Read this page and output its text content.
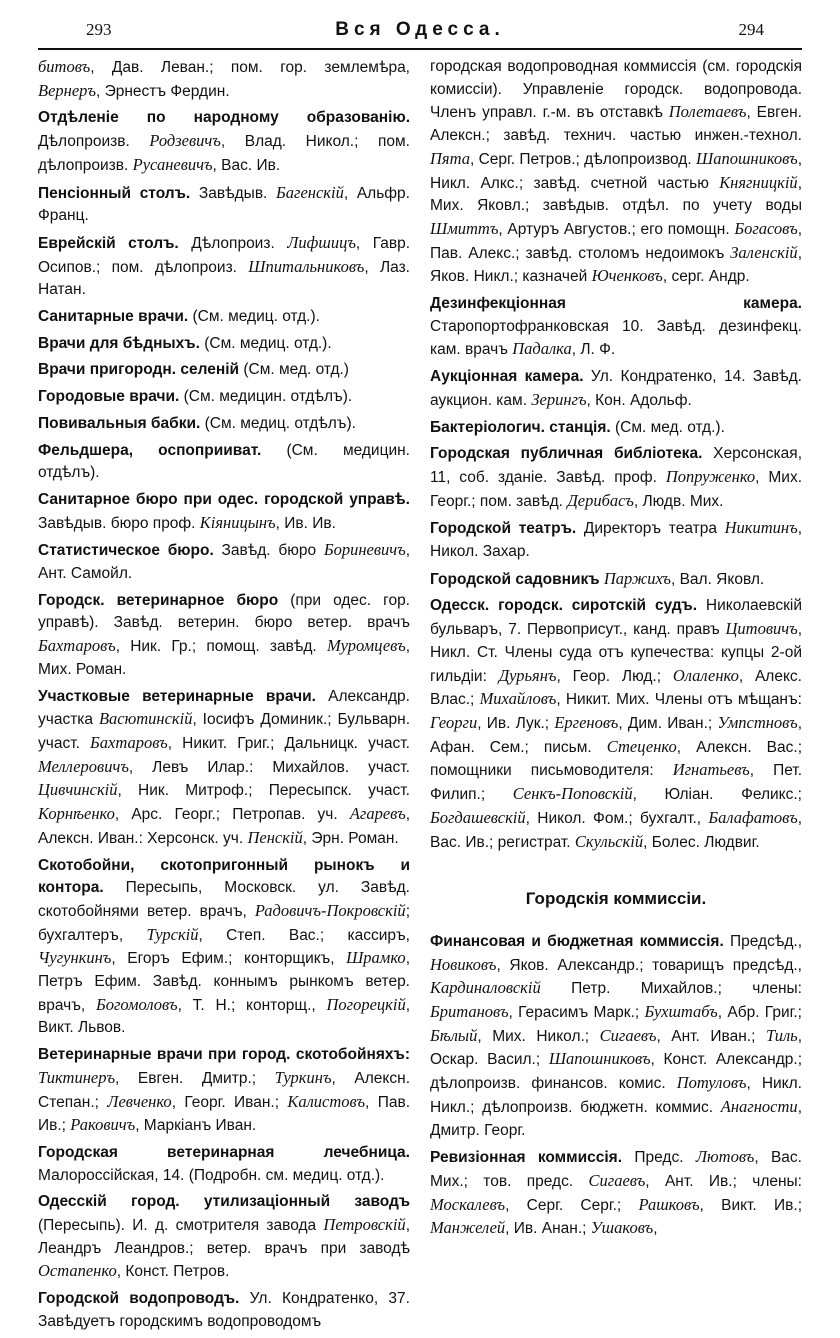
293	Вся Одесса.	294

битовъ, Дав. Леван.; пом. гор. землемѣра, Вернеръ, Эрнестъ Фердин.

Отдѣленіе по народному образованію. Дѣлопроизв. Родзевичъ, Влад. Никол.; пом. дѣлопроизв. Русаневичъ, Вас. Ив.

Пенсіонный столъ. Завѣдыв. Багенскій, Альфр. Франц.

Еврейскій столъ. Дѣлопроиз. Лифшицъ, Гавр. Осипов.; пом. дѣлопроиз. Шпитальниковъ, Лаз. Натан.

Санитарные врачи. (См. медиц. отд.).

Врачи для бѣдныхъ. (См. медиц. отд.).

Врачи пригородн. селеній (См. мед. отд.)

Городовые врачи. (См. медицин. отдѣлъ).

Повивальныя бабки. (См. медиц. отдѣлъ).

Фельдшера, оспоприиват. (См. медицин. отдѣлъ).

Санитарное бюро при одес. городской управѣ. Завѣдыв. бюро проф. Кіяницынъ, Ив. Ив.

Статистическое бюро. Завѣд. бюро Бориневичъ, Ант. Самойл.

Городск. ветеринарное бюро (при одес. гор. управѣ). Завѣд. ветерин. бюро ветер. врачъ Бахтаровъ, Ник. Гр.; помощ. завѣд. Муромцевъ, Мих. Роман.

Участковые ветеринарные врачи. Александр. участка Васютинскій, Іосифъ Доминик.; Бульварн. участ. Бахтаровъ, Никит. Григ.; Дальницк. участ. Меллеровичъ, Левъ Илар.: Михайлов. участ. Цивчинскій, Ник. Митроф.; Пересыпск. участ. Корнѣенко, Арс. Георг.; Петропав. уч. Агаревъ, Алексн. Иван.: Херсонск. уч. Пенскій, Эрн. Роман.

Скотобойни, скотопригонный рынокъ и контора. Пересыпь, Московск. ул. Завѣд. скотобойнями ветер. врачъ, Радовичъ-Покровскій; бухгалтеръ, Турскій, Степ. Вас.; кассиръ, Чугункинъ, Егоръ Ефим.; конторщикъ, Шрамко, Петръ Ефим. Завѣд. коннымъ рынкомъ ветер. врачъ, Богомоловъ, Т. Н.; конторщ., Погорецкій, Викт. Львов.

Ветеринарные врачи при город. скотобойняхъ: Тиктинеръ, Евген. Дмитр.; Туркинъ, Алексн. Степан.; Левченко, Георг. Иван.; Калистовъ, Пав. Ив.; Раковичъ, Маркіанъ Иван.

Городская ветеринарная лечебница. Малороссійская, 14. (Подробн. см. медиц. отд.).

Одесскій город. утилизаціонный заводъ (Пересыпь). И. д. смотрителя завода Петровскій, Леандръ Леандров.; ветер. врачъ при заводѣ Остапенко, Конст. Петров.

Городской водопроводъ. Ул. Кондратенко, 37. Завѣдуетъ городскимъ водопроводомъ

городская водопроводная коммиссія (см. городскія комиссіи). Управленіе городск. водопровода. Членъ управл. г.-м. въ отставкѣ Полетаевъ, Евген. Алексн.; завѣд. технич. частью инжен.-технол. Пята, Серг. Петров.; дѣлопроизвод. Шапошниковъ, Никл. Алкс.; завѣд. счетной частью Княгницкій, Мих. Яковл.; завѣдыв. отдѣл. по учету воды Шмиттъ, Артуръ Августов.; его помощн. Богасовъ, Пав. Алекс.; завѣд. столомъ недоимокъ Заленскій, Яков. Никл.; казначей Юченковъ, серг. Андр.

Дезинфекціонная камера. Старопортофранковская 10. Завѣд. дезинфекц. кам. врачъ Падалка, Л. Ф.

Аукціонная камера. Ул. Кондратенко, 14. Завѣд. аукцион. кам. Зерингъ, Кон. Адольф.

Бактеріологич. станція. (См. мед. отд.).

Городская публичная библіотека. Херсонская, 11, соб. зданіе. Завѣд. проф. Попруженко, Мих. Георг.; пом. завѣд. Дерибасъ, Людв. Мих.

Городской театръ. Директоръ театра Никитинъ, Никол. Захар.

Городской садовникъ Паржихъ, Вал. Яковл.

Одесск. городск. сиротскій судъ. Николаевскій бульваръ, 7. Первоприсут., канд. правъ Цитовичъ, Никл. Ст. Члены суда отъ купечества: купцы 2-ой гильдіи: Дурьянъ, Геор. Люд.; Олаленко, Алекс. Влас.; Михайловъ, Никит. Мих. Члены отъ мѣщанъ: Георги, Ив. Лук.; Ергеновъ, Дим. Иван.; Умпстновъ, Афан. Сем.; письм. Стеценко, Алексн. Вас.; помощники письмоводителя: Игнатьевъ, Пет. Филип.; Сенкъ-Поповскій, Юліан. Феликс.; Богдашевскій, Никол. Фом.; бухгалт., Балафатовъ, Вас. Ив.; регистрат. Скульскій, Болес. Людвиг.

Городскія коммиссіи.

Финансовая и бюджетная коммиссія. Предсѣд., Новиковъ, Яков. Александр.; товарищъ предсѣд., Кардиналовскій Петр. Михайлов.; члены: Британовъ, Герасимъ Марк.; Бухштабъ, Абр. Григ.; Бѣлый, Мих. Никол.; Сигаевъ, Ант. Иван.; Тиль, Оскар. Васил.; Шапошниковъ, Конст. Александр.; дѣлопроизв. финансов. комис. Потуловъ, Никл. Никл.; дѣлопроизв. бюджетн. коммис. Анагности, Дмитр. Георг.

Ревизіонная коммиссія. Предс. Лютовъ, Вас. Мих.; тов. предс. Сигаевъ, Ант. Ив.; члены: Москалевъ, Серг. Серг.; Рашковъ, Викт. Ив.; Манжелей, Ив. Анан.; Ушаковъ,
